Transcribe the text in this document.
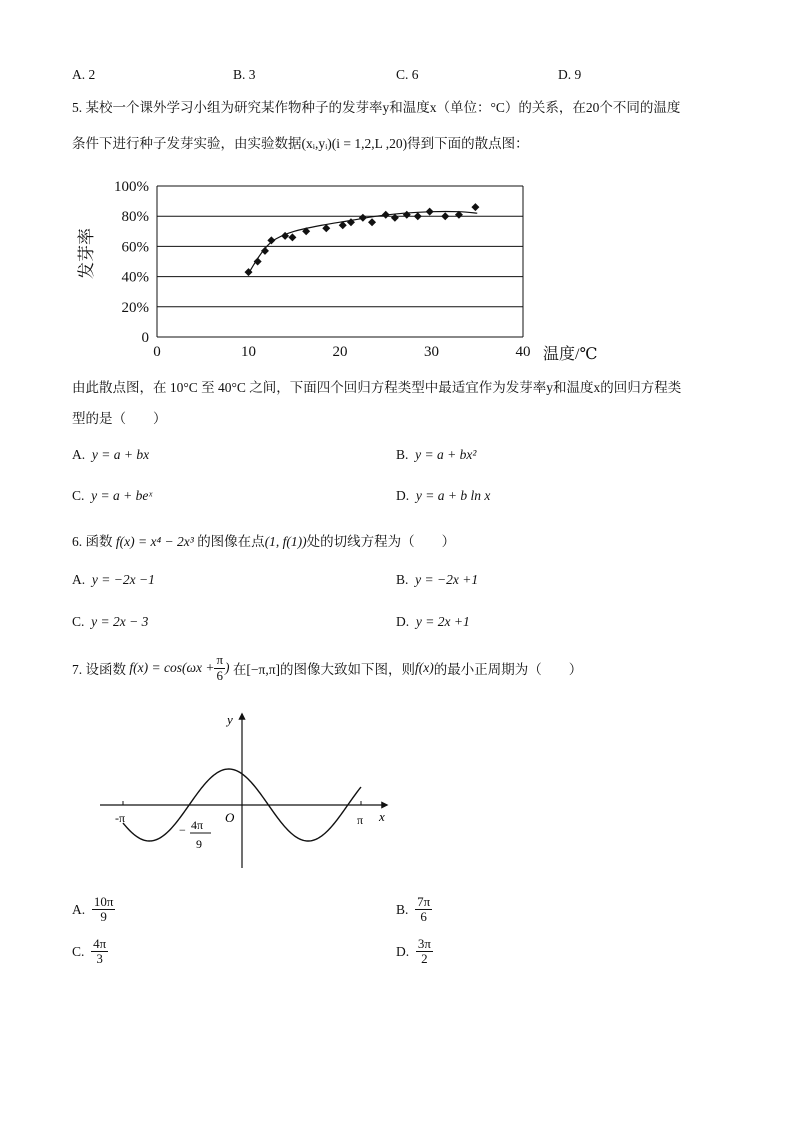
A. 2	B. 3	C. 6	D. 9
5. 某校一个课外学习小组为研究某作物种子的发芽率y和温度x（单位：°C）的关系，在20个不同的温度
条件下进行种子发芽实验，由实验数据(xᵢ,yᵢ)(i = 1,2,L ,20)得到下面的散点图：
0
20%
40%
60%
80%
100%
0	10	20	30	40 温度/℃
发芽率
由此散点图，在 10°C 至 40°C 之间，下面四个回归方程类型中最适宜作为发芽率y和温度x的回归方程类
型的是（　　）
A. y = a + bx	B. y = a + bx²
C. y = a + beˣ	D. y = a + b ln x
6. 函数 f(x) = x⁴ − 2x³ 的图像在点(1, f(1))处的切线方程为（　　）
A. y = −2x −1	B. y = −2x +1
C. y = 2x − 3	D. y = 2x +1
7. 设函数
$f(x) = \cos(\omega x + \frac{\pi}{6}$ )
在[−π,π]的图像大致如下图，则 f(x) 的最小正周期为（　　）
y
x
O
-π	π
− 4π
9
A.
$\frac{10\pi}{9}$	B.
$\frac{7\pi}{6}$
C.
$\frac{4\pi}{3}$	D.
$\frac{3\pi}{2}$
